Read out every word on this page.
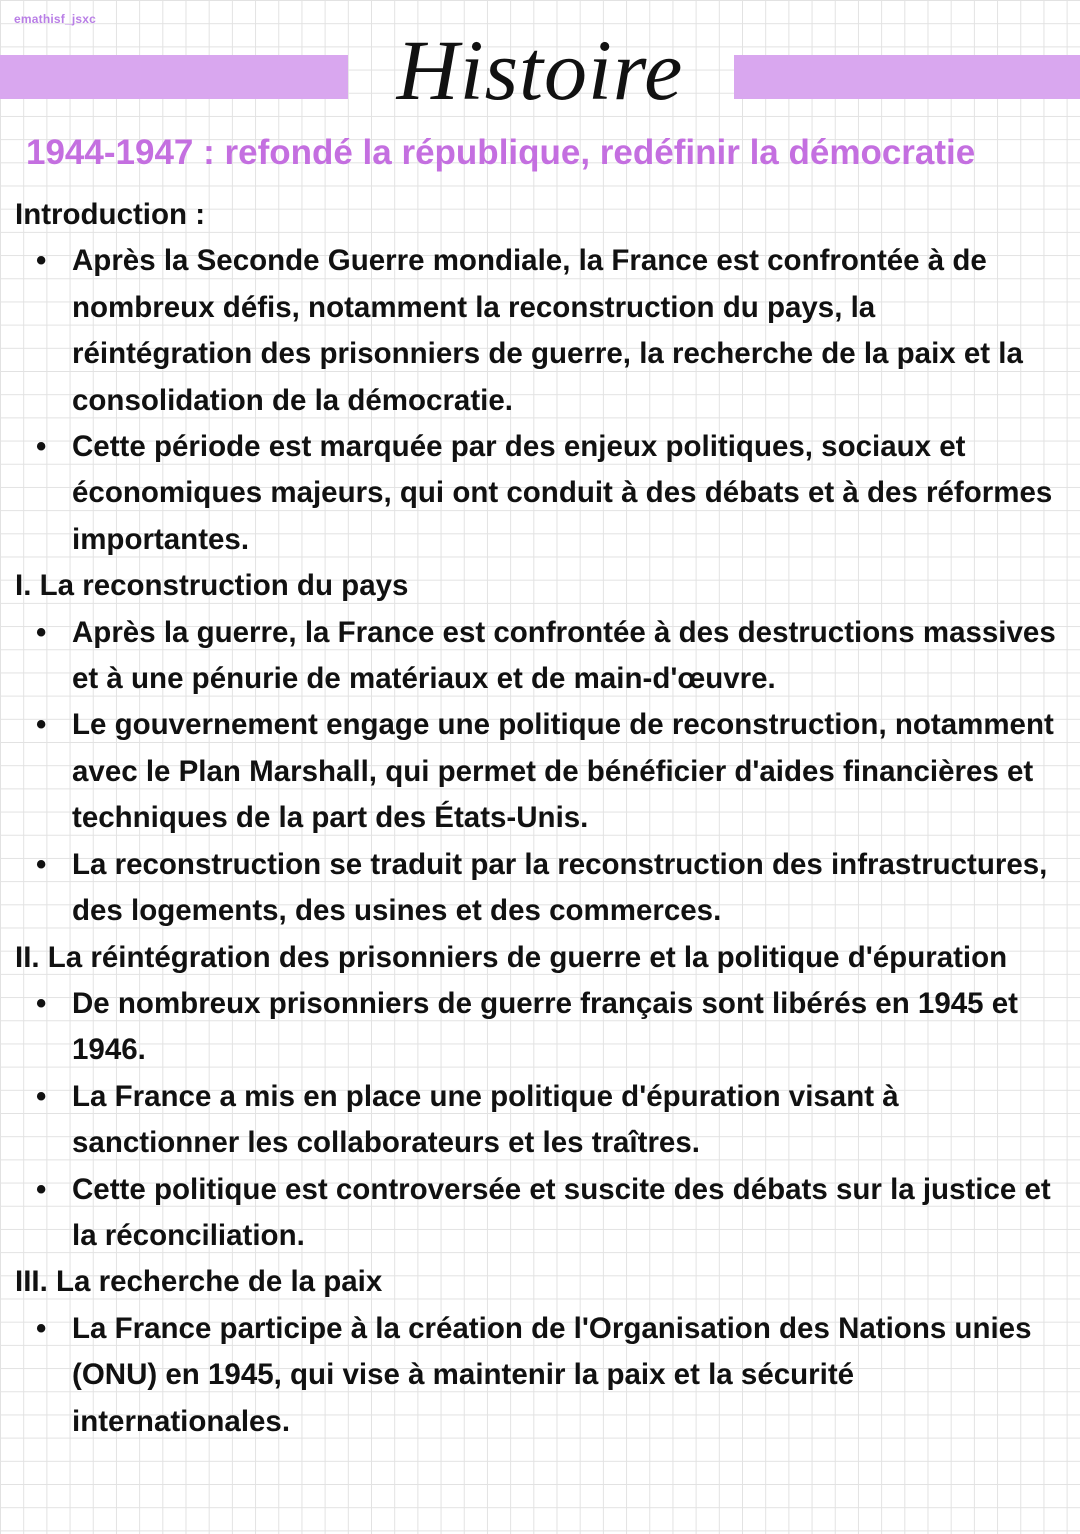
emathisf_jsxc
Histoire
1944-1947 : refondé la république, redéfinir la démocratie
Introduction :
• Après la Seconde Guerre mondiale, la France est confrontée à de nombreux défis, notamment la reconstruction du pays, la réintégration des prisonniers de guerre, la recherche de la paix et la consolidation de la démocratie.
• Cette période est marquée par des enjeux politiques, sociaux et économiques majeurs, qui ont conduit à des débats et à des réformes importantes.
I. La reconstruction du pays
• Après la guerre, la France est confrontée à des destructions massives et à une pénurie de matériaux et de main-d'œuvre.
• Le gouvernement engage une politique de reconstruction, notamment avec le Plan Marshall, qui permet de bénéficier d'aides financières et techniques de la part des États-Unis.
• La reconstruction se traduit par la reconstruction des infrastructures, des logements, des usines et des commerces.
II. La réintégration des prisonniers de guerre et la politique d'épuration
• De nombreux prisonniers de guerre français sont libérés en 1945 et 1946.
• La France a mis en place une politique d'épuration visant à sanctionner les collaborateurs et les traîtres.
• Cette politique est controversée et suscite des débats sur la justice et la réconciliation.
III. La recherche de la paix
• La France participe à la création de l'Organisation des Nations unies (ONU) en 1945, qui vise à maintenir la paix et la sécurité internationales.
